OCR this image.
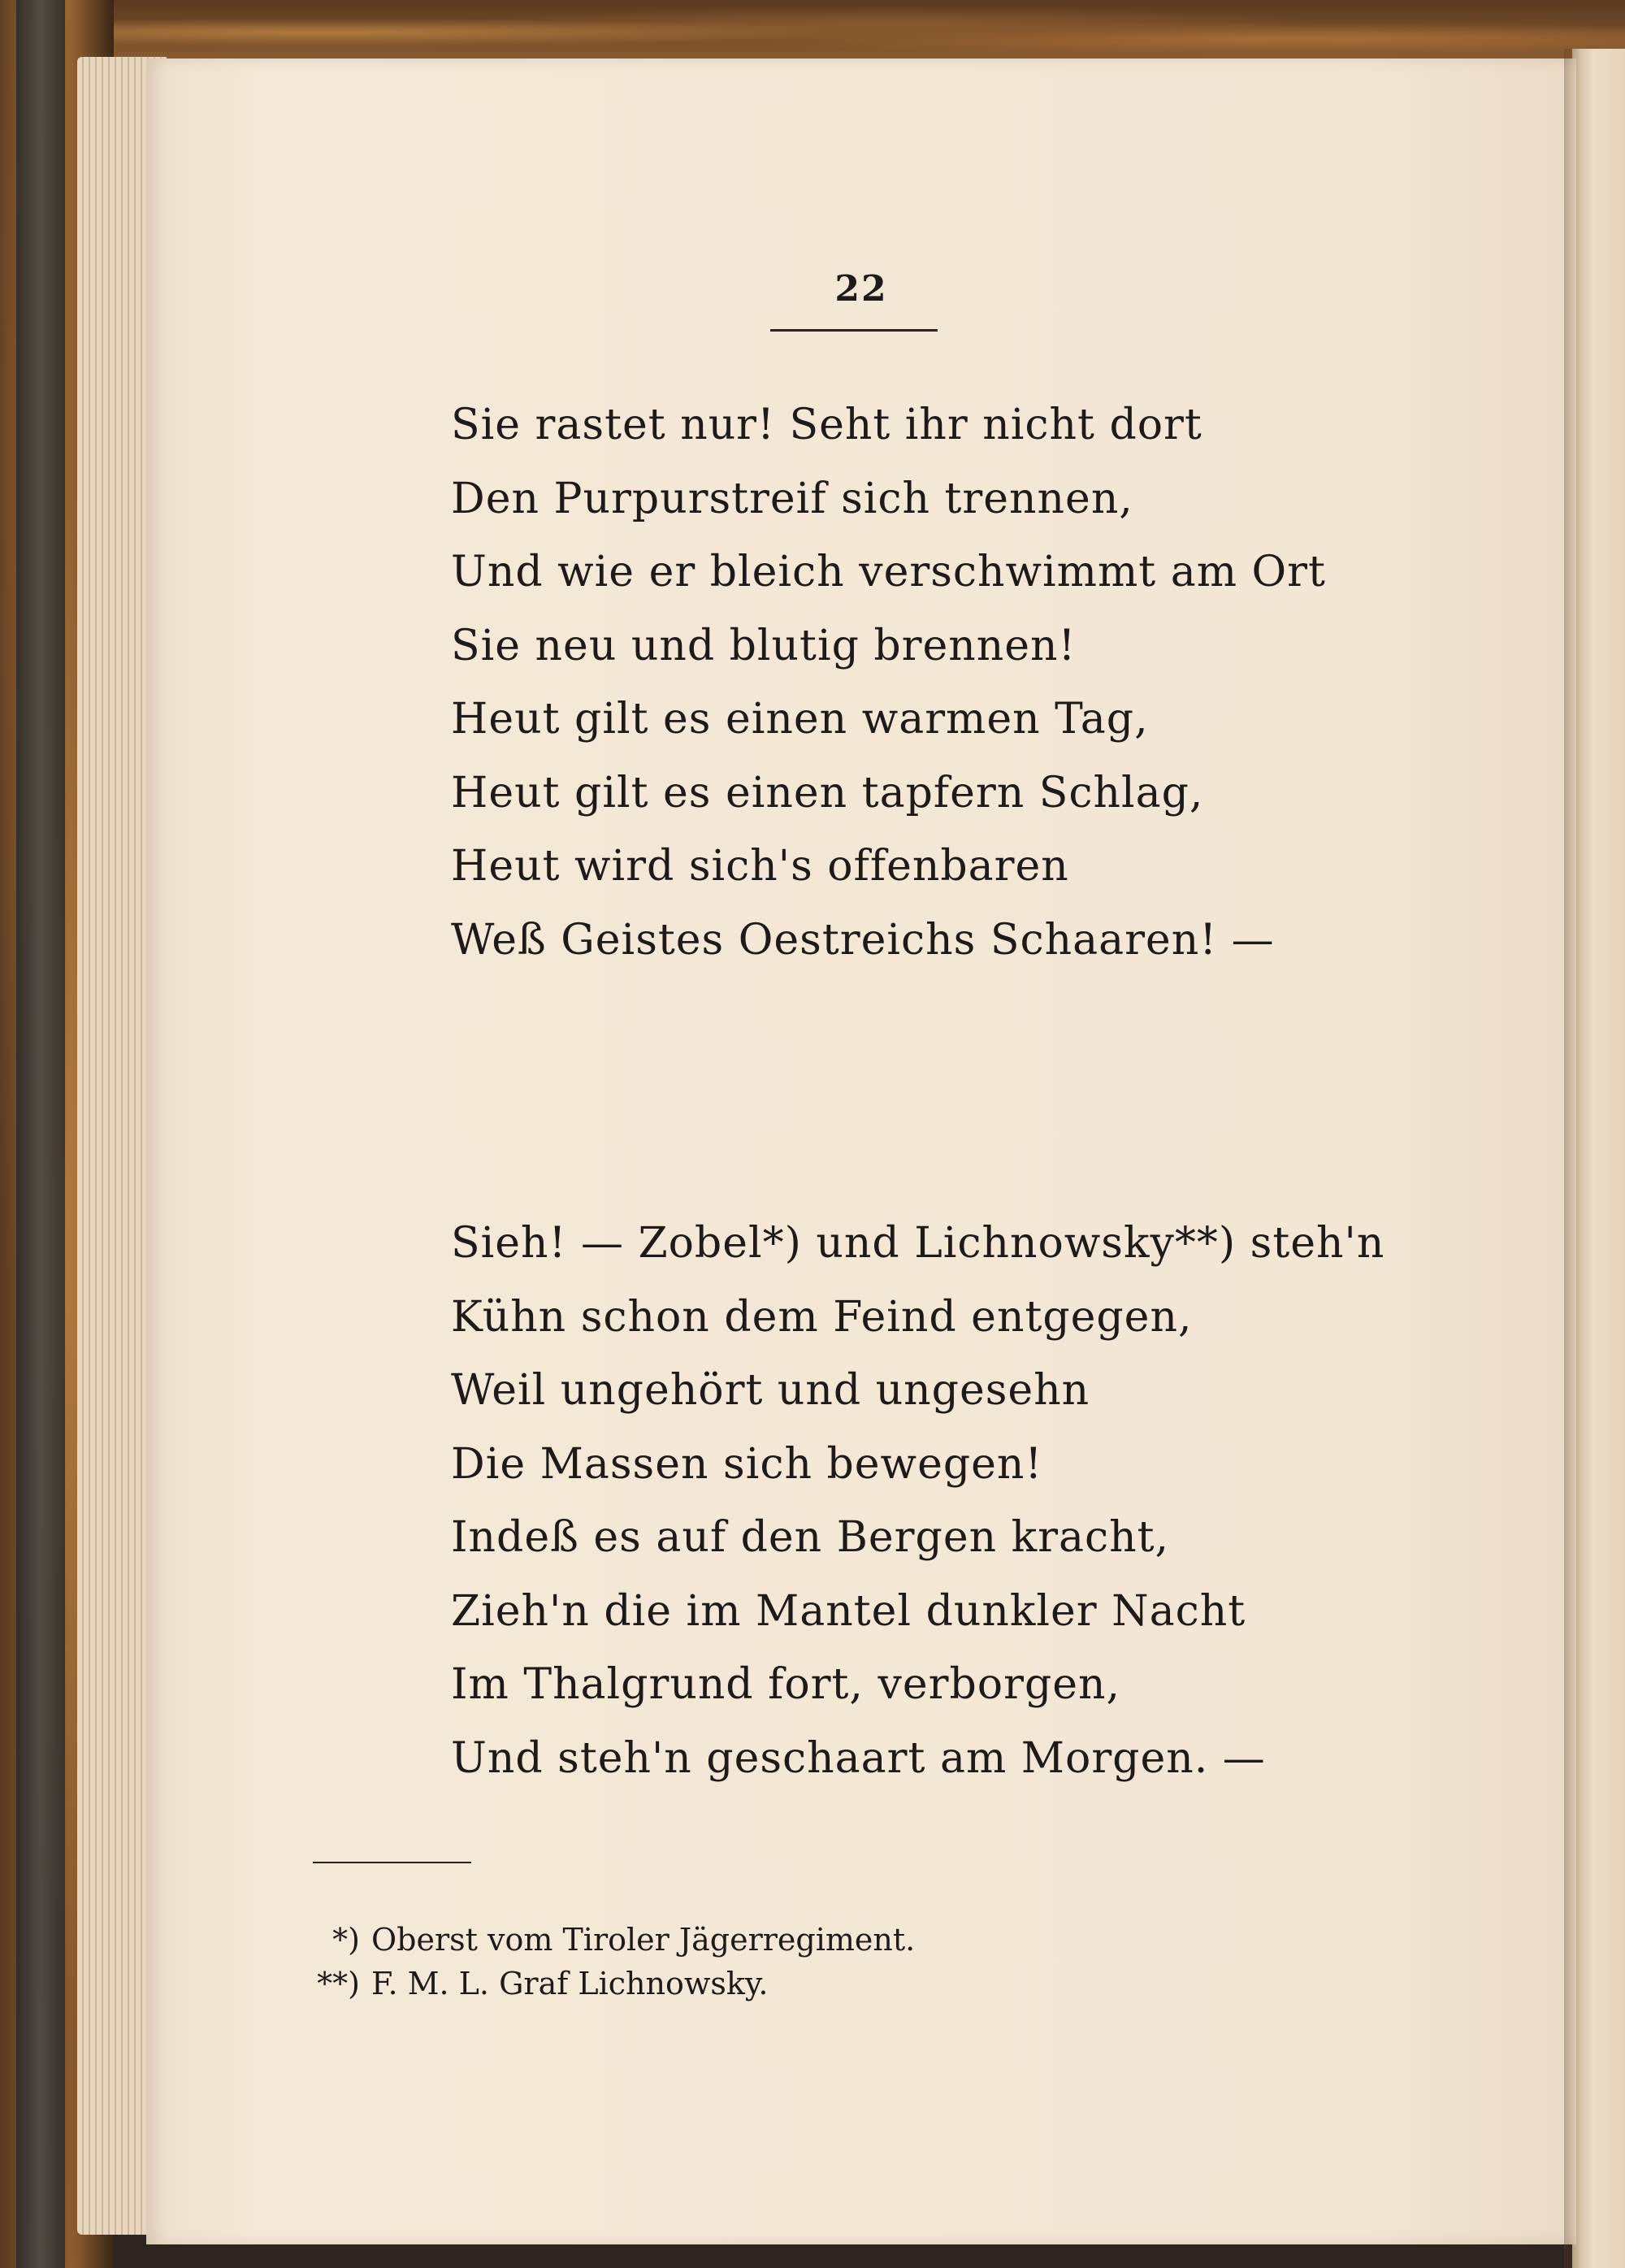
22
Sie rastet nur! Seht ihr nicht dort
Den Purpurstreif sich trennen,
Und wie er bleich verschwimmt am Ort
Sie neu und blutig brennen!
Heut gilt es einen warmen Tag,
Heut gilt es einen tapfern Schlag,
Heut wird sich's offenbaren
Weß Geistes Oestreichs Schaaren! —
Sieh! — Zobel*) und Lichnowsky**) steh'n
Kühn schon dem Feind entgegen,
Weil ungehört und ungesehn
Die Massen sich bewegen!
Indeß es auf den Bergen kracht,
Zieh'n die im Mantel dunkler Nacht
Im Thalgrund fort, verborgen,
Und steh'n geschaart am Morgen. —
*) Oberst vom Tiroler Jägerregiment.
**) F. M. L. Graf Lichnowsky.
